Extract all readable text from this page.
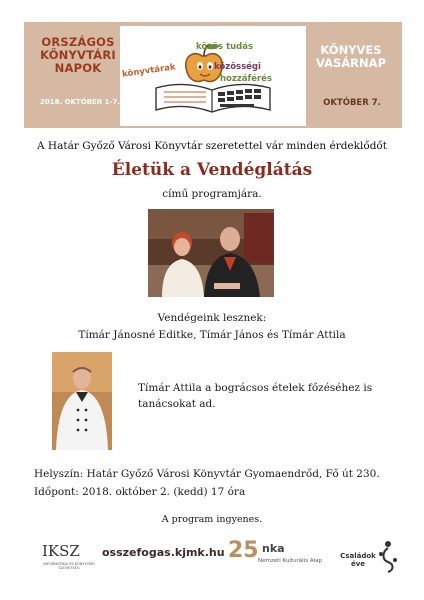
ORSZÁGOS
KÖNYVTÁRI
NAPOK
2018. OKTÓBER 1-7.
közös tudás
könyvtárak	közösségi
hozzáférés
KÖNYVES
VASÁRNAP
OKTÓBER 7.
A Határ Győző Városi Könyvtár szeretettel vár minden érdeklődőt
Életük a Vendéglátás
című programjára.
Vendégeink lesznek:
Tímár Jánosné Editke, Tímár János és Tímár Attila
Tímár Attila a bográcsos ételek főzéséhez is
tanácsokat ad.
Helyszín: Határ Győző Városi Könyvtár Gyomaendrőd, Fő út 230.
Időpont: 2018. október 2. (kedd) 17 óra
A program ingyenes.
IKSZ
INFORMATIKAI ÉS KÖNYVTÁRI SZÖVETSÉG
osszefogas.kjmk.hu 25 nka
Nemzeti Kulturális Alap
Családok
éve
